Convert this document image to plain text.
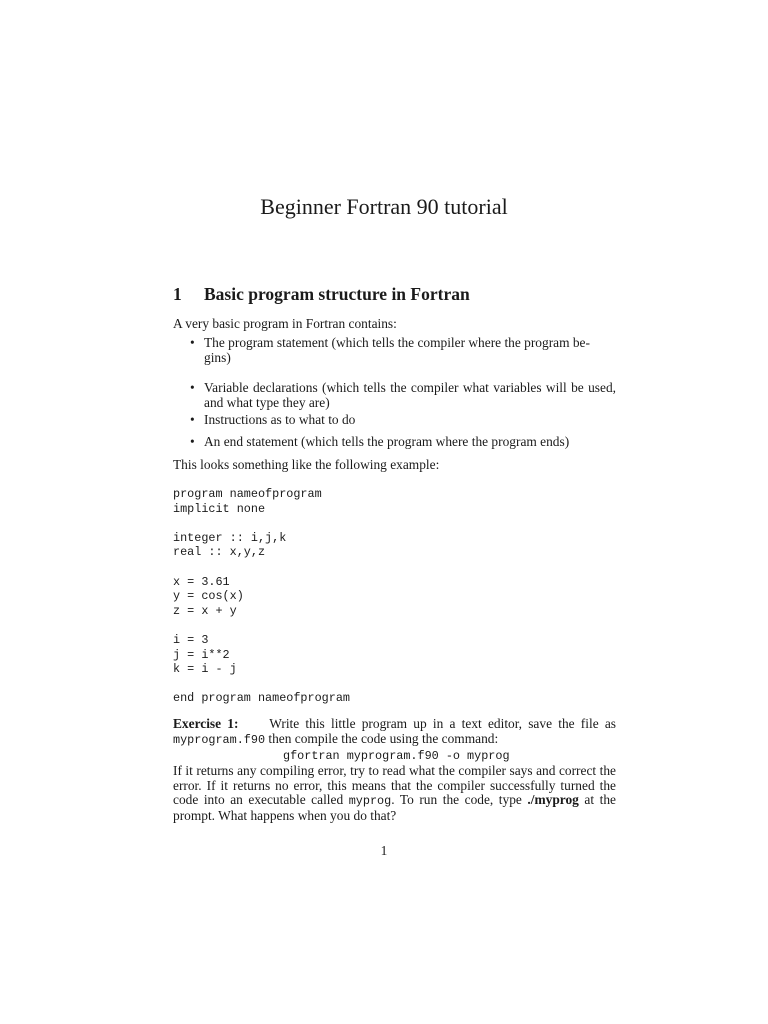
Beginner Fortran 90 tutorial
1 Basic program structure in Fortran

A very basic program in Fortran contains:

• The program statement (which tells the compiler where the program be-
gins)
• Variable declarations (which tells the compiler what variables will be used, and what type they are)
• Instructions as to what to do
• An end statement (which tells the program where the program ends)

This looks something like the following example:

program nameofprogram
implicit none
integer :: i,j,k
real :: x,y,z
x = 3.61
y = cos(x)
z = x + y
i = 3
j = i**2
k = i - j
end program nameofprogram

Exercise 1: Write this little program up in a text editor, save the file as myprogram.f90 then compile the code using the command:

gfortran myprogram.f90 -o myprog

If it returns any compiling error, try to read what the compiler says and correct the error. If it returns no error, this means that the compiler successfully turned the code into an executable called myprog. To run the code, type ./myprog at the prompt. What happens when you do that?

1
